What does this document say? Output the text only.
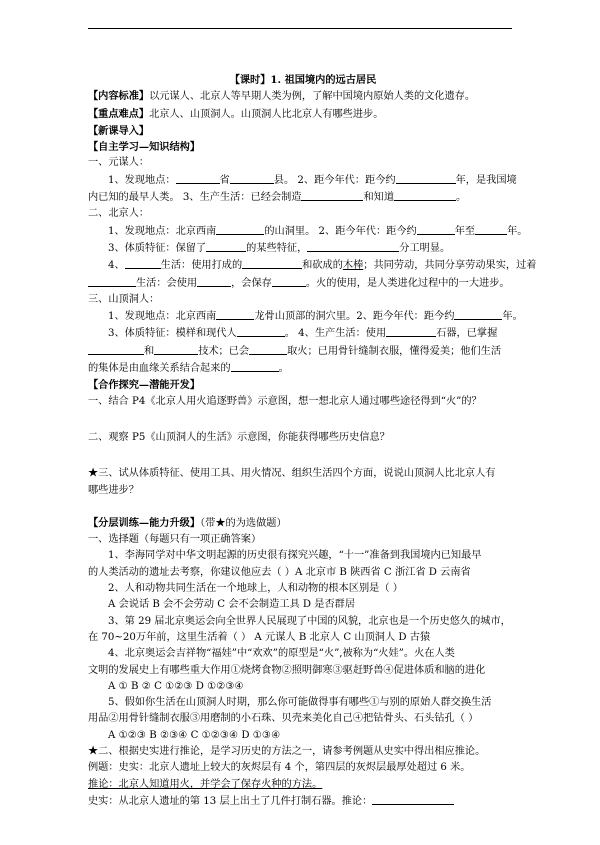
【课时】1. 祖国境内的远古居民
【内容标准】以元谋人、北京人等早期人类为例，了解中国境内原始人类的文化遗存。
【重点难点】北京人、山顶洞人。山顶洞人比北京人有哪些进步。
【新课导入】
【自主学习—知识结构】
一、元谋人：
1、发现地点：	省	县。 2、距今年代：距今约	年，是我国境
内已知的最早人类。 3、生产生活：已经会制造	和知道	。
二、北京人：
1、发现地点：北京西南	的山洞里。 2、距今年代：距今约	年至	年。
3、体质特征：保留了	的某些特征，	分工明显。
4、	生活：使用打成的	和砍成的木棒；共同劳动，共同分享劳动果实，过着
生活：会使用	，会保存	。火的使用，是人类进化过程中的一大进步。
三、山顶洞人：
1、发现地点：北京西南	龙骨山顶部的洞穴里。2、距今年代：距今约	年。
3、体质特征：模样和现代人	。 4、生产生活：使用	石器，已掌握
和	技术；已会	取火；已用骨针缝制衣服，懂得爱美；他们生活
的集体是由血缘关系结合起来的	。
【合作探究—潜能开发】
一、结合 P4《北京人用火追逐野兽》示意图，想一想北京人通过哪些途径得到“火”的？
二、观察 P5《山顶洞人的生活》示意图，你能获得哪些历史信息？
★三、试从体质特征、使用工具、用火情况、组织生活四个方面，说说山顶洞人比北京人有
哪些进步？
【分层训练—能力升级】（带★的为选做题）
一、选择题（每题只有一项正确答案）
1、李海同学对中华文明起源的历史很有探究兴趣，“十一”准备到我国境内已知最早
的人类活动的遗址去考察，你建议他应去（ ）A 北京市 B 陕西省 C 浙江省 D 云南省
2、人和动物共同生活在一个地球上，人和动物的根本区别是（ ）
A 会说话 B 会不会劳动 C 会不会制造工具 D 是否群居
3、第 29 届北京奥运会向全世界人民展现了中国的风貌，北京也是一个历史悠久的城市，
在 70~20万年前，这里生活着（ ） A 元谋人 B 北京人 C 山顶洞人 D 古猿
4、北京奥运会吉祥物“福娃”中“欢欢”的原型是“火”,被称为“火娃”。火在人类
文明的发展史上有哪些重大作用①烧烤食物②照明御寒③驱赶野兽④促进体质和脑的进化
A ① B ② C ①②③ D ①②③④
5、假如你生活在山顶洞人时期，那么你可能做得事有哪些①与别的原始人群交换生活
用品②用骨针缝制衣服③用磨制的小石珠、贝壳来美化自己④把钻骨头、石头钻孔（ ）
A ①②③ B ②③④ C ①②③④ D ①③④
★二、根据史实进行推论，是学习历史的方法之一，请参考例题从史实中得出相应推论。
例题：史实：北京人遗址上较大的灰烬层有 4 个，第四层的灰烬层最厚处超过 6 米。
推论：北京人知道用火，并学会了保存火种的方法。
史实：从北京人遗址的第 13 层上出土了几件打制石器。推论：
